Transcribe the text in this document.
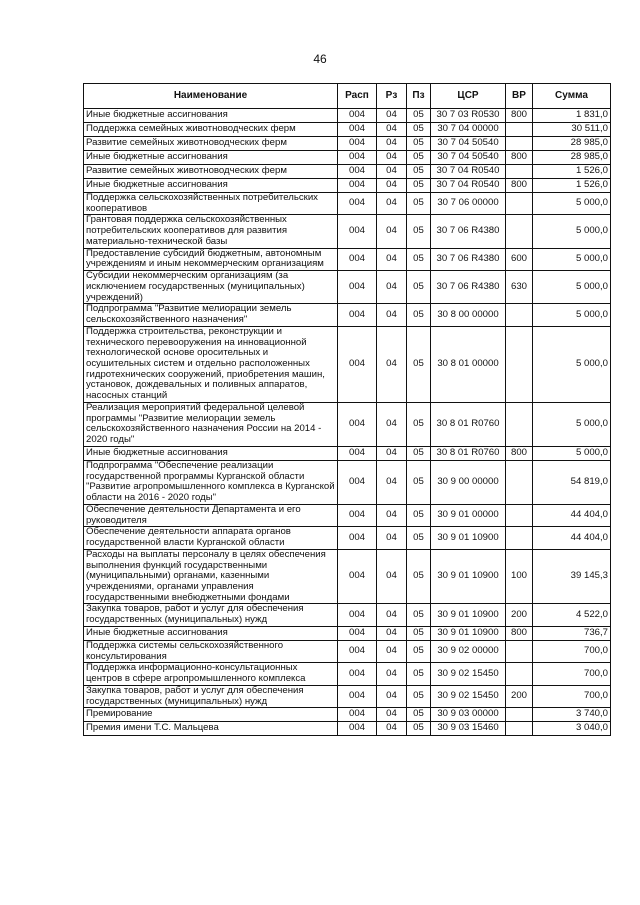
46
Наименование	Расп	Рз	Пз	ЦСР	ВР	Сумма
Иные бюджетные ассигнования	004	04	05	30 7 03 R0530	800	1 831,0
Поддержка семейных животноводческих ферм	004	04	05	30 7 04 00000		30 511,0
Развитие семейных животноводческих ферм	004	04	05	30 7 04 50540		28 985,0
Иные бюджетные ассигнования	004	04	05	30 7 04 50540	800	28 985,0
Развитие семейных животноводческих ферм	004	04	05	30 7 04 R0540		1 526,0
Иные бюджетные ассигнования	004	04	05	30 7 04 R0540	800	1 526,0
Поддержка сельскохозяйственных потребительских кооперативов	004	04	05	30 7 06 00000		5 000,0
Грантовая поддержка сельскохозяйственных потребительских кооперативов для развития материально-технической базы	004	04	05	30 7 06 R4380		5 000,0
Предоставление субсидий бюджетным, автономным учреждениям и иным некоммерческим организациям	004	04	05	30 7 06 R4380	600	5 000,0
Субсидии некоммерческим организациям (за исключением государственных (муниципальных) учреждений)	004	04	05	30 7 06 R4380	630	5 000,0
Подпрограмма "Развитие мелиорации земель сельскохозяйственного назначения"	004	04	05	30 8 00 00000		5 000,0
Поддержка строительства, реконструкции и технического перевооружения на инновационной технологической основе оросительных и осушительных систем и отдельно расположенных гидротехнических сооружений, приобретения машин, установок, дождевальных и поливных аппаратов, насосных станций	004	04	05	30 8 01 00000		5 000,0
Реализация мероприятий федеральной целевой программы "Развитие мелиорации земель сельскохозяйственного назначения России на 2014 - 2020 годы"	004	04	05	30 8 01 R0760		5 000,0
Иные бюджетные ассигнования	004	04	05	30 8 01 R0760	800	5 000,0
Подпрограмма "Обеспечение реализации государственной программы Курганской области "Развитие агропромышленного комплекса в Курганской области на 2016 - 2020 годы"	004	04	05	30 9 00 00000		54 819,0
Обеспечение деятельности Департамента и его руководителя	004	04	05	30 9 01 00000		44 404,0
Обеспечение деятельности аппарата органов государственной власти Курганской области	004	04	05	30 9 01 10900		44 404,0
Расходы на выплаты персоналу в целях обеспечения выполнения функций государственными (муниципальными) органами, казенными учреждениями, органами управления государственными внебюджетными фондами	004	04	05	30 9 01 10900	100	39 145,3
Закупка товаров, работ и услуг для обеспечения государственных (муниципальных) нужд	004	04	05	30 9 01 10900	200	4 522,0
Иные бюджетные ассигнования	004	04	05	30 9 01 10900	800	736,7
Поддержка системы сельскохозяйственного консультирования	004	04	05	30 9 02 00000		700,0
Поддержка информационно-консультационных центров в сфере агропромышленного комплекса	004	04	05	30 9 02 15450		700,0
Закупка товаров, работ и услуг для обеспечения государственных (муниципальных) нужд	004	04	05	30 9 02 15450	200	700,0
Премирование	004	04	05	30 9 03 00000		3 740,0
Премия имени Т.С. Мальцева	004	04	05	30 9 03 15460		3 040,0
